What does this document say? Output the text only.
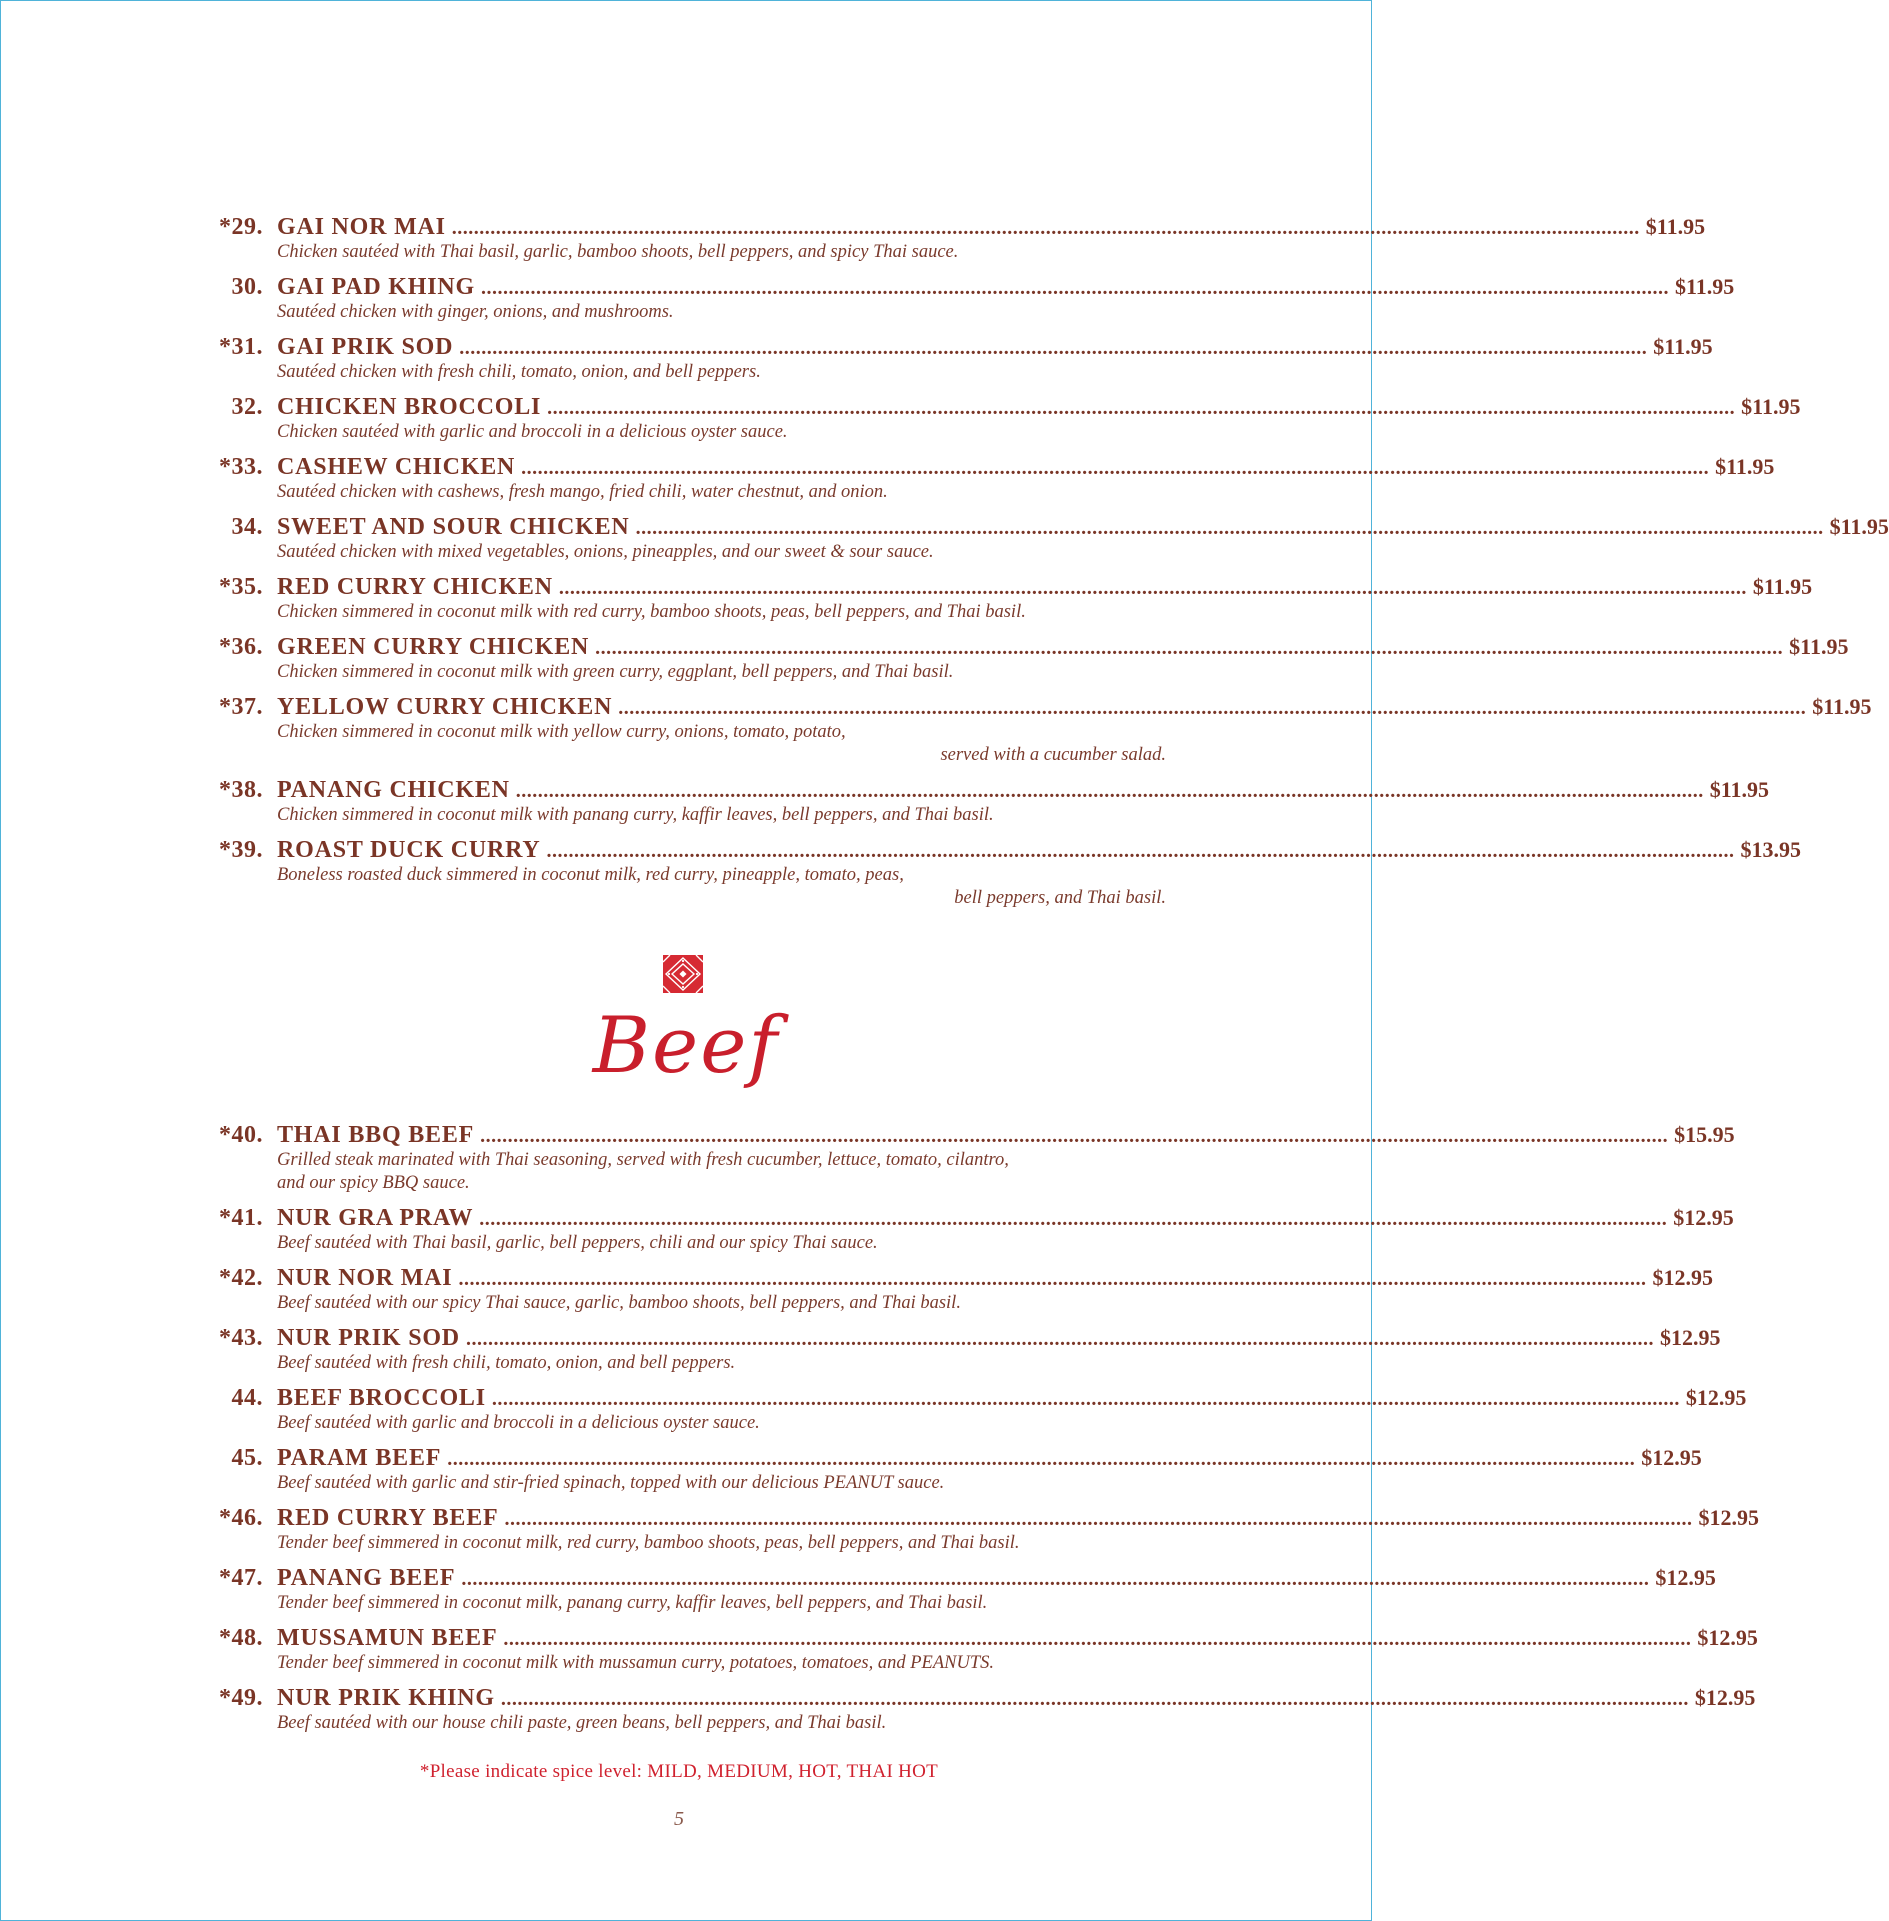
*29. GAI NOR MAI ........................................................................................................................................................................................................................ $11.95
Chicken sautéed with Thai basil, garlic, bamboo shoots, bell peppers, and spicy Thai sauce.
30. GAI PAD KHING ........................................................................................................................................................................................................................ $11.95
Sautéed chicken with ginger, onions, and mushrooms.
*31. GAI PRIK SOD ........................................................................................................................................................................................................................ $11.95
Sautéed chicken with fresh chili, tomato, onion, and bell peppers.
32. CHICKEN BROCCOLI ........................................................................................................................................................................................................................ $11.95
Chicken sautéed with garlic and broccoli in a delicious oyster sauce.
*33. CASHEW CHICKEN ........................................................................................................................................................................................................................ $11.95
Sautéed chicken with cashews, fresh mango, fried chili, water chestnut, and onion.
34. SWEET AND SOUR CHICKEN ........................................................................................................................................................................................................................ $11.95
Sautéed chicken with mixed vegetables, onions, pineapples, and our sweet & sour sauce.
*35. RED CURRY CHICKEN ........................................................................................................................................................................................................................ $11.95
Chicken simmered in coconut milk with red curry, bamboo shoots, peas, bell peppers, and Thai basil.
*36. GREEN CURRY CHICKEN ........................................................................................................................................................................................................................ $11.95
Chicken simmered in coconut milk with green curry, eggplant, bell peppers, and Thai basil.
*37. YELLOW CURRY CHICKEN ........................................................................................................................................................................................................................ $11.95
Chicken simmered in coconut milk with yellow curry, onions, tomato, potato,
served with a cucumber salad.
*38. PANANG CHICKEN ........................................................................................................................................................................................................................ $11.95
Chicken simmered in coconut milk with panang curry, kaffir leaves, bell peppers, and Thai basil.
*39. ROAST DUCK CURRY ........................................................................................................................................................................................................................ $13.95
Boneless roasted duck simmered in coconut milk, red curry, pineapple, tomato, peas,
bell peppers, and Thai basil.
Beef
*40. THAI BBQ BEEF ........................................................................................................................................................................................................................ $15.95
Grilled steak marinated with Thai seasoning, served with fresh cucumber, lettuce, tomato, cilantro,
and our spicy BBQ sauce.
*41. NUR GRA PRAW ........................................................................................................................................................................................................................ $12.95
Beef sautéed with Thai basil, garlic, bell peppers, chili and our spicy Thai sauce.
*42. NUR NOR MAI ........................................................................................................................................................................................................................ $12.95
Beef sautéed with our spicy Thai sauce, garlic, bamboo shoots, bell peppers, and Thai basil.
*43. NUR PRIK SOD ........................................................................................................................................................................................................................ $12.95
Beef sautéed with fresh chili, tomato, onion, and bell peppers.
44. BEEF BROCCOLI ........................................................................................................................................................................................................................ $12.95
Beef sautéed with garlic and broccoli in a delicious oyster sauce.
45. PARAM BEEF ........................................................................................................................................................................................................................ $12.95
Beef sautéed with garlic and stir-fried spinach, topped with our delicious PEANUT sauce.
*46. RED CURRY BEEF ........................................................................................................................................................................................................................ $12.95
Tender beef simmered in coconut milk, red curry, bamboo shoots, peas, bell peppers, and Thai basil.
*47. PANANG BEEF ........................................................................................................................................................................................................................ $12.95
Tender beef simmered in coconut milk, panang curry, kaffir leaves, bell peppers, and Thai basil.
*48. MUSSAMUN BEEF ........................................................................................................................................................................................................................ $12.95
Tender beef simmered in coconut milk with mussamun curry, potatoes, tomatoes, and PEANUTS.
*49. NUR PRIK KHING ........................................................................................................................................................................................................................ $12.95
Beef sautéed with our house chili paste, green beans, bell peppers, and Thai basil.
*Please indicate spice level: MILD, MEDIUM, HOT, THAI HOT
5
